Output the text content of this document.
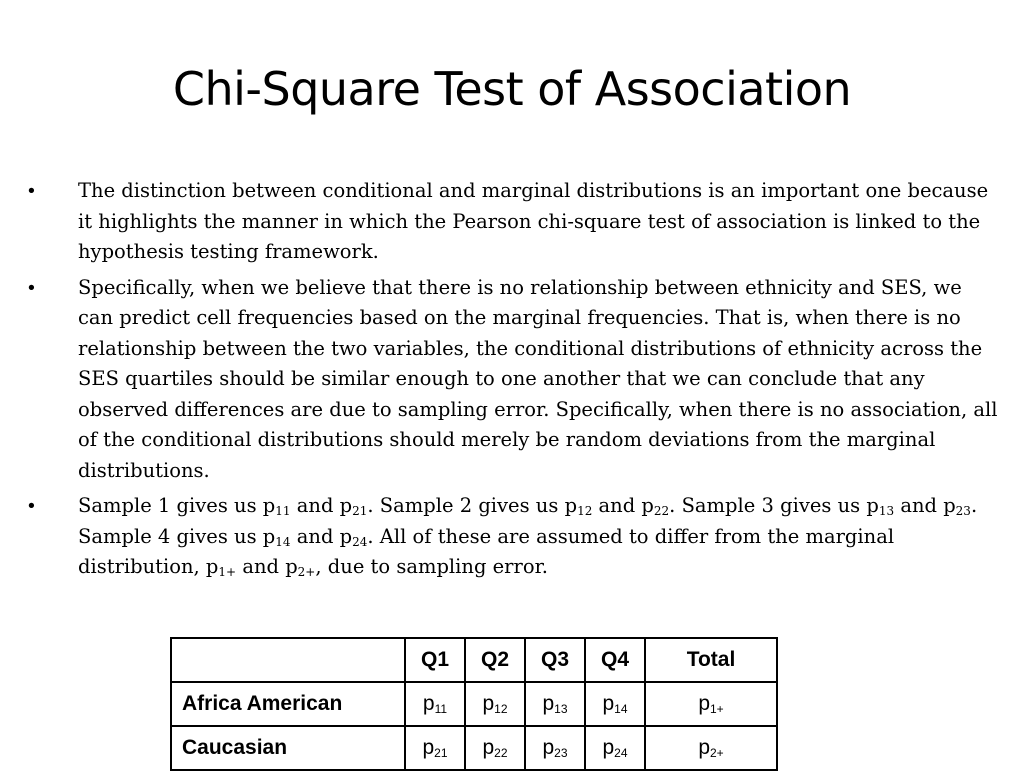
Chi-Square Test of Association
•	The distinction between conditional and marginal distributions is an important one because it highlights the manner in which the Pearson chi-square test of association is linked to the hypothesis testing framework.
•	Specifically, when we believe that there is no relationship between ethnicity and SES, we can predict cell frequencies based on the marginal frequencies. That is, when there is no relationship between the two variables, the conditional distributions of ethnicity across the SES quartiles should be similar enough to one another that we can conclude that any observed differences are due to sampling error. Specifically, when there is no association, all of the conditional distributions should merely be random deviations from the marginal distributions.
•	Sample 1 gives us $p_{11}$ and $p_{21}$. Sample 2 gives us $p_{12}$ and $p_{22}$. Sample 3 gives us $p_{13}$ and $p_{23}$. Sample 4 gives us $p_{14}$ and $p_{24}$. All of these are assumed to differ from the marginal distribution, $p_{1+}$ and $p_{2+}$, due to sampling error.
	Q1	Q2	Q3	Q4	Total
Africa American	$p_{11}$	$p_{12}$	$p_{13}$	$p_{14}$	$p_{1+}$
Caucasian	$p_{21}$	$p_{22}$	$p_{23}$	$p_{24}$	$p_{2+}$
